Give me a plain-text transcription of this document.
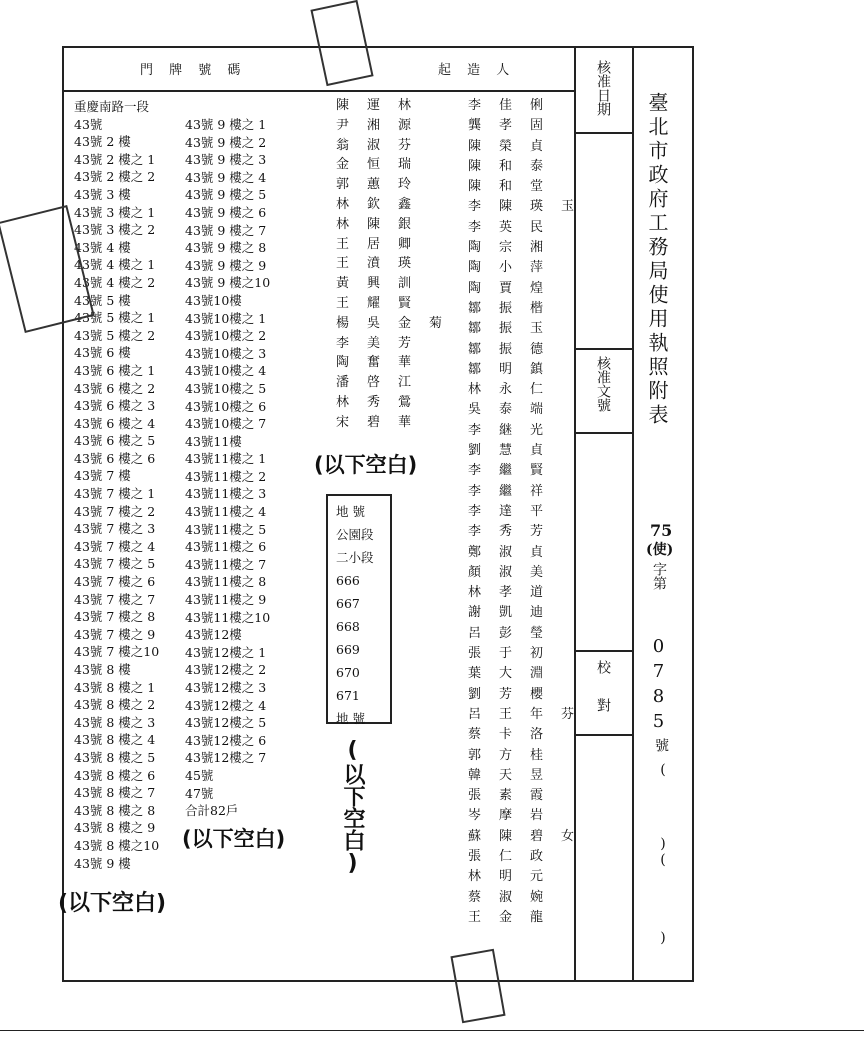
門 牌 號 碼	起 造 人	核准日期
核准文號
校對
臺北市政府工務局使用執照附表
75
(使)
字第
0785
號
(
)(
)
重慶南路一段
43號
43號 2 樓
43號 2 樓之 1
43號 2 樓之 2
43號 3 樓
43號 3 樓之 1
43號 3 樓之 2
43號 4 樓
43號 4 樓之 1
43號 4 樓之 2
43號 5 樓
43號 5 樓之 1
43號 5 樓之 2
43號 6 樓
43號 6 樓之 1
43號 6 樓之 2
43號 6 樓之 3
43號 6 樓之 4
43號 6 樓之 5
43號 6 樓之 6
43號 7 樓
43號 7 樓之 1
43號 7 樓之 2
43號 7 樓之 3
43號 7 樓之 4
43號 7 樓之 5
43號 7 樓之 6
43號 7 樓之 7
43號 7 樓之 8
43號 7 樓之 9
43號 7 樓之10
43號 8 樓
43號 8 樓之 1
43號 8 樓之 2
43號 8 樓之 3
43號 8 樓之 4
43號 8 樓之 5
43號 8 樓之 6
43號 8 樓之 7
43號 8 樓之 8
43號 8 樓之 9
43號 8 樓之10
43號 9 樓
43號 9 樓之 1
43號 9 樓之 2
43號 9 樓之 3
43號 9 樓之 4
43號 9 樓之 5
43號 9 樓之 6
43號 9 樓之 7
43號 9 樓之 8
43號 9 樓之 9
43號 9 樓之10
43號10樓
43號10樓之 1
43號10樓之 2
43號10樓之 3
43號10樓之 4
43號10樓之 5
43號10樓之 6
43號10樓之 7
43號11樓
43號11樓之 1
43號11樓之 2
43號11樓之 3
43號11樓之 4
43號11樓之 5
43號11樓之 6
43號11樓之 7
43號11樓之 8
43號11樓之 9
43號11樓之10
43號12樓
43號12樓之 1
43號12樓之 2
43號12樓之 3
43號12樓之 4
43號12樓之 5
43號12樓之 6
43號12樓之 7
45號
47號
合計82戶
陳運林
尹湘源
翁淑芬
金恒瑞
郭蕙玲
林欽鑫
林陳銀
王居卿
王濆瑛
黃興訓
王耀賢
楊吳金菊
李美芳
陶奮華
潘啓江
林秀鶯
宋碧華
李佳俐
龔孝固
陳榮貞
陳和泰
陳和堂
李陳瑛玉
李英民
陶宗湘
陶小萍
陶賈煌
鄒振楷
鄒振玉
鄒振德
鄒明鎮
林永仁
吳泰端
李継光
劉慧貞
李繼賢
李繼祥
李達平
李秀芳
鄭淑貞
顏淑美
林孝道
謝凱迪
呂彭瑩
張于初
葉大淵
劉芳櫻
呂王年芬
蔡卡洛
郭方桂
韓天昱
張素霞
岑摩岩
蘇陳碧女
張仁政
林明元
蔡淑婉
王金龍
地 號
公園段
二小段
666
667
668
669
670
671
地 號
(以下空白)
(以下空白)
(以下空白)
(以下空白)
